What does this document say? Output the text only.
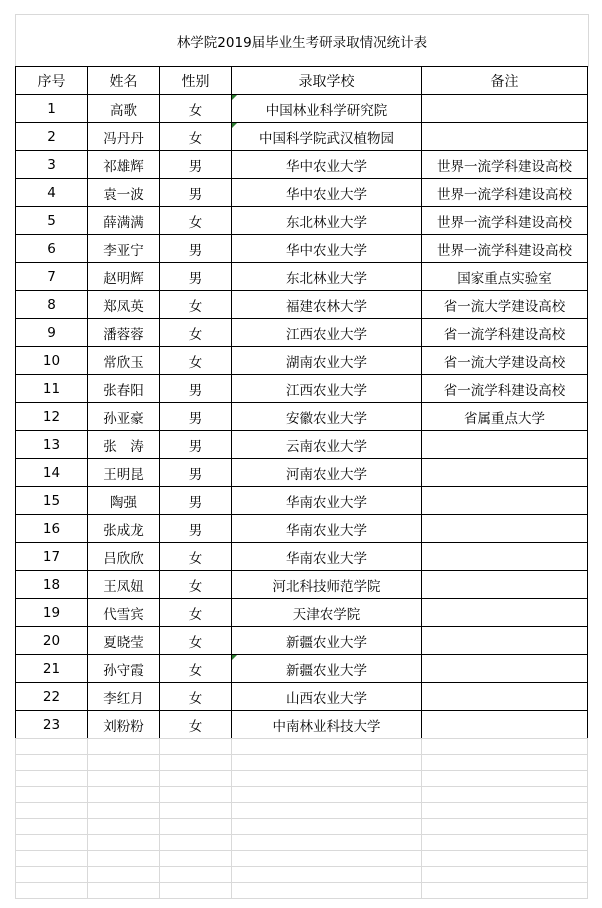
林学院2019届毕业生考研录取情况统计表
序号	姓名	性别	录取学校	备注
1	高歌	女	中国林业科学研究院

2	冯丹丹	女	中国科学院武汉植物园

3	祁雄辉	男	华中农业大学	世界一流学科建设高校
4	袁一波	男	华中农业大学	世界一流学科建设高校
5	薛满满	女	东北林业大学	世界一流学科建设高校
6	李亚宁	男	华中农业大学	世界一流学科建设高校
7	赵明辉	男	东北林业大学	国家重点实验室
8	郑凤英	女	福建农林大学	省一流大学建设高校
9	潘蓉蓉	女	江西农业大学	省一流学科建设高校
10	常欣玉	女	湖南农业大学	省一流大学建设高校
11	张春阳	男	江西农业大学	省一流学科建设高校
12	孙亚豪	男	安徽农业大学	省属重点大学
13	张　涛	男	云南农业大学	
14	王明昆	男	河南农业大学	
15	陶强	男	华南农业大学	
16	张成龙	男	华南农业大学	
17	吕欣欣	女	华南农业大学	
18	王凤妞	女	河北科技师范学院	
19	代雪宾	女	天津农学院	
20	夏晓莹	女	新疆农业大学	
21	孙守霞	女	新疆农业大学

22	李红月	女	山西农业大学	
23	刘粉粉	女	中南林业科技大学	
